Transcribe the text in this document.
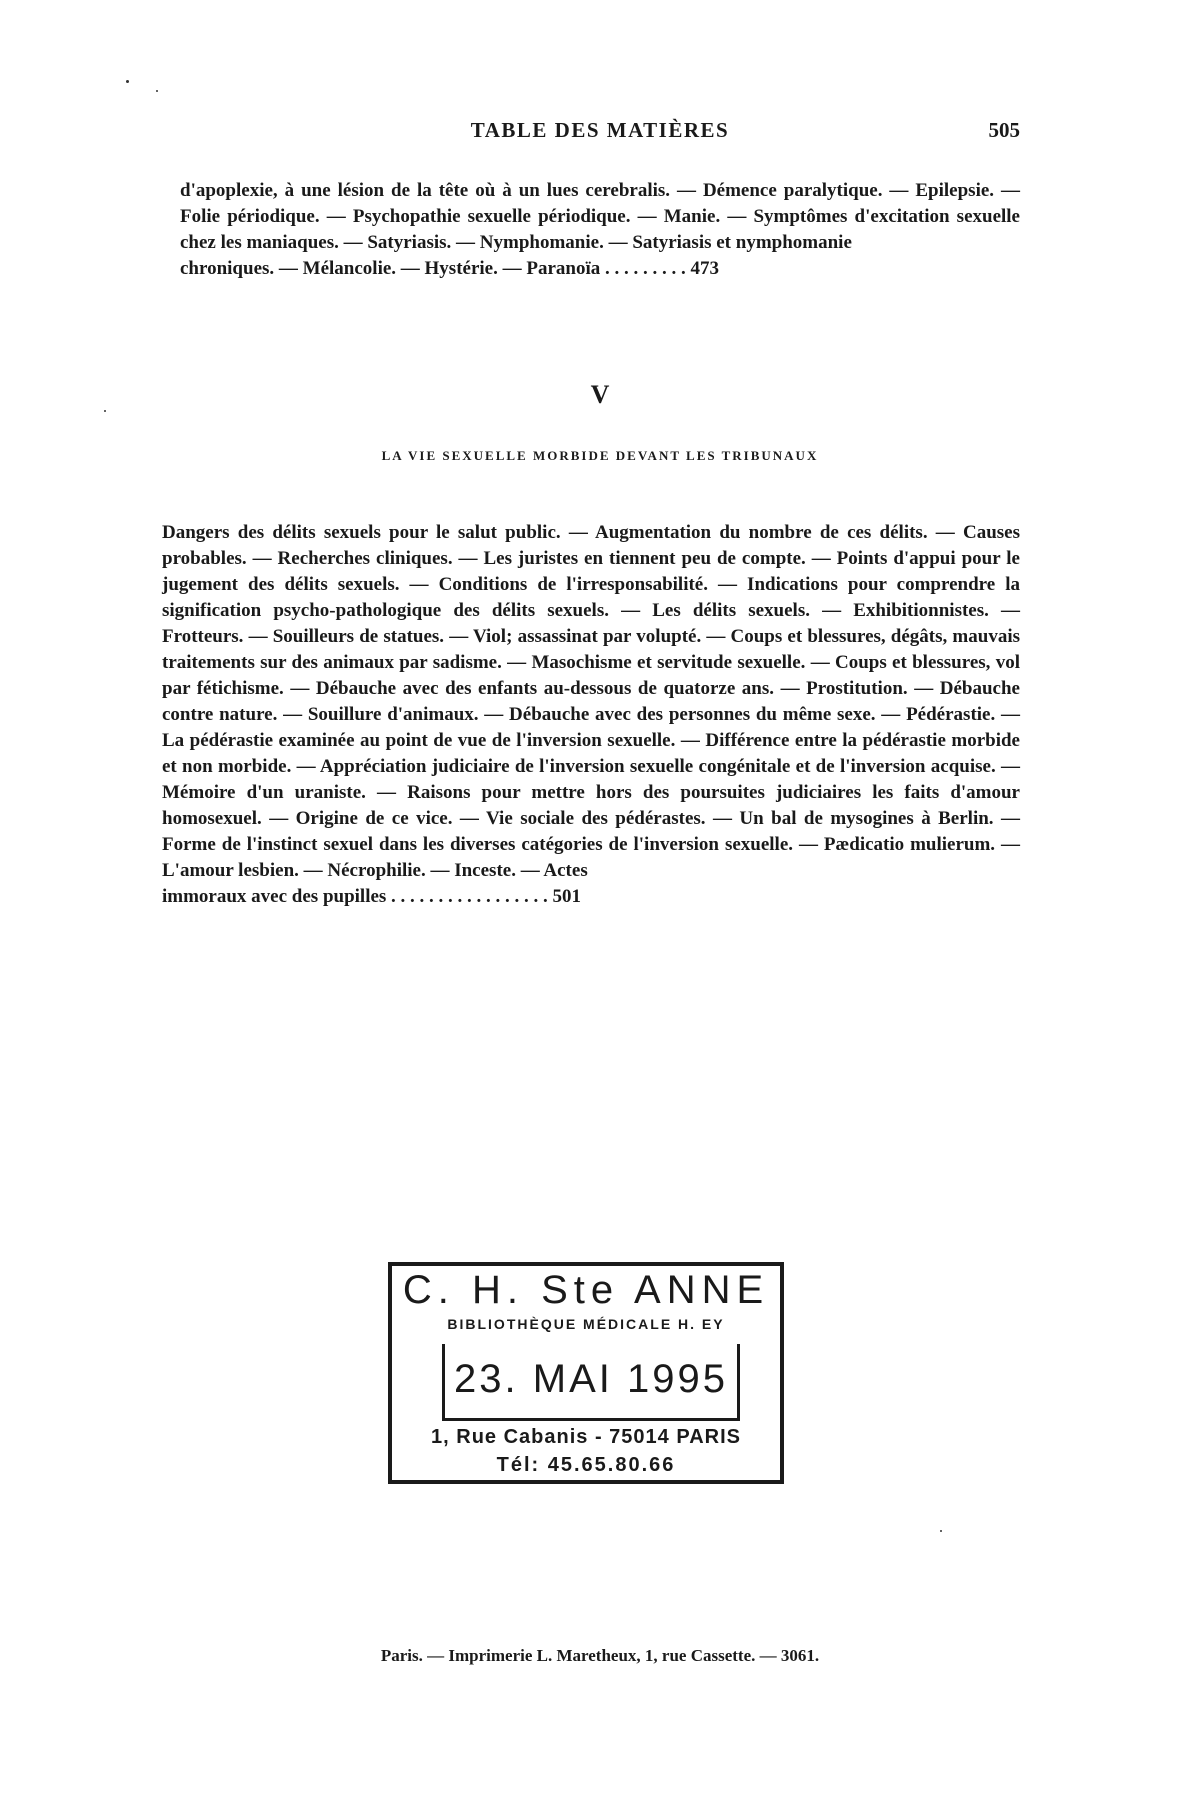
TABLE DES MATIÈRES	505
d'apoplexie, à une lésion de la tête où à un lues cerebralis. — Démence paralytique. — Epilepsie. — Folie périodique. — Psychopathie sexuelle périodique. — Manie. — Symptômes d'excitation sexuelle chez les maniaques. — Satyriasis. — Nymphomanie. — Satyriasis et nymphomanie
chroniques. — Mélancolie. — Hystérie. — Paranoïa . . . . . . . . . 473
V
LA VIE SEXUELLE MORBIDE DEVANT LES TRIBUNAUX
Dangers des délits sexuels pour le salut public. — Augmentation du nombre de ces délits. — Causes probables. — Recherches cliniques. — Les juristes en tiennent peu de compte. — Points d'appui pour le jugement des délits sexuels. — Conditions de l'irresponsabilité. — Indications pour comprendre la signification psycho-pathologique des délits sexuels. — Les délits sexuels. — Exhibitionnistes. — Frotteurs. — Souilleurs de statues. — Viol; assassinat par volupté. — Coups et blessures, dégâts, mauvais traitements sur des animaux par sadisme. — Masochisme et servitude sexuelle. — Coups et blessures, vol par fétichisme. — Débauche avec des enfants au-dessous de quatorze ans. — Prostitution. — Débauche contre nature. — Souillure d'animaux. — Débauche avec des personnes du même sexe. — Pédérastie. — La pédérastie examinée au point de vue de l'inversion sexuelle. — Différence entre la pédérastie morbide et non morbide. — Appréciation judiciaire de l'inversion sexuelle congénitale et de l'inversion acquise. — Mémoire d'un uraniste. — Raisons pour mettre hors des poursuites judiciaires les faits d'amour homosexuel. — Origine de ce vice. — Vie sociale des pédérastes. — Un bal de mysogines à Berlin. — Forme de l'instinct sexuel dans les diverses catégories de l'inversion sexuelle. — Pædicatio mulierum. — L'amour lesbien. — Nécrophilie. — Inceste. — Actes
immoraux avec des pupilles . . . . . . . . . . . . . . . . . 501
C. H. Ste ANNE
BIBLIOTHÈQUE MÉDICALE H. EY
23. MAI 1995
1, Rue Cabanis - 75014 PARIS
Tél: 45.65.80.66
Paris. — Imprimerie L. Maretheux, 1, rue Cassette. — 3061.
